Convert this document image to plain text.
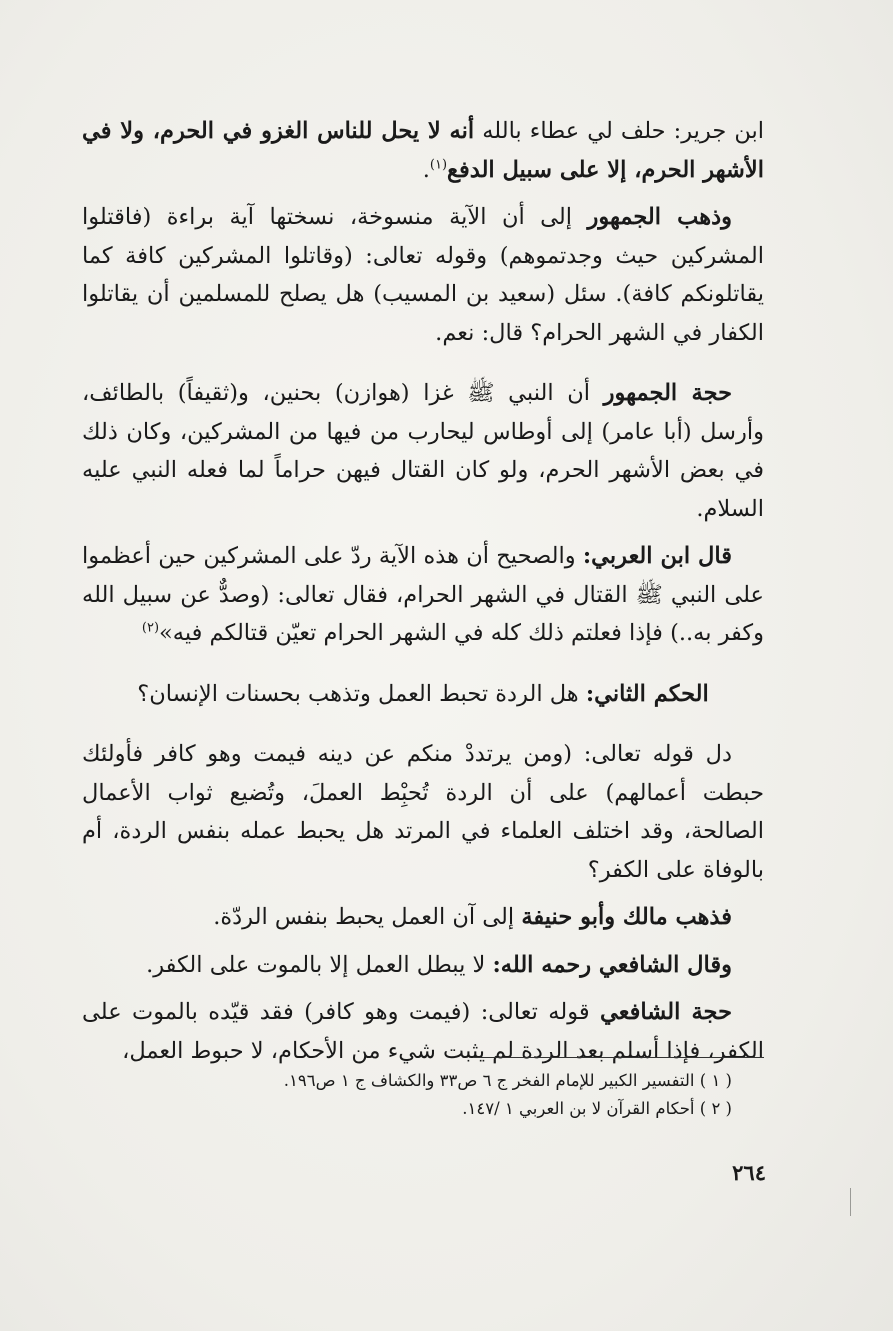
ابن جرير: حلف لي عطاء بالله أنه لا يحل للناس الغزو في الحرم، ولا في الأشهر الحرم، إلا على سبيل الدفع$^{(١)}$.

وذهب الجمهور إلى أن الآية منسوخة، نسختها آية براءة (فاقتلوا المشركين حيث وجدتموهم) وقوله تعالى: (وقاتلوا المشركين كافة كما يقاتلونكم كافة). سئل (سعيد بن المسيب) هل يصلح للمسلمين أن يقاتلوا الكفار في الشهر الحرام؟ قال: نعم.

حجة الجمهور أن النبي ﷺ غزا (هوازن) بحنين، و(ثقيفاً) بالطائف، وأرسل (أبا عامر) إلى أوطاس ليحارب من فيها من المشركين، وكان ذلك في بعض الأشهر الحرم، ولو كان القتال فيهن حراماً لما فعله النبي عليه السلام.

قال ابن العربي: والصحيح أن هذه الآية ردّ على المشركين حين أعظموا على النبي ﷺ القتال في الشهر الحرام، فقال تعالى: (وصدٌّ عن سبيل الله وكفر به..) فإذا فعلتم ذلك كله في الشهر الحرام تعيّن قتالكم فيه»$^{(٢)}$

الحكم الثاني: هل الردة تحبط العمل وتذهب بحسنات الإنسان؟

دل قوله تعالى: (ومن يرتددْ منكم عن دينه فيمت وهو كافر فأولئك حبطت أعمالهم) على أن الردة تُحبِْط العملَ، وتُضيع ثواب الأعمال الصالحة، وقد اختلف العلماء في المرتد هل يحبط عمله بنفس الردة، أم بالوفاة على الكفر؟

فذهب مالك وأبو حنيفة إلى آن العمل يحبط بنفس الردّة.

وقال الشافعي رحمه الله: لا يبطل العمل إلا بالموت على الكفر.

حجة الشافعي قوله تعالى: (فيمت وهو كافر) فقد قيّده بالموت على الكفر، فإذا أسلم بعد الردة لم يثبت شيء من الأحكام، لا حبوط العمل،

( ١ ) التفسير الكبير للإمام الفخر ج ٦ ص٣٣ والكشاف ج ١ ص١٩٦.
( ٢ ) أحكام القرآن لا بن العربي ١ /١٤٧.
٢٦٤
